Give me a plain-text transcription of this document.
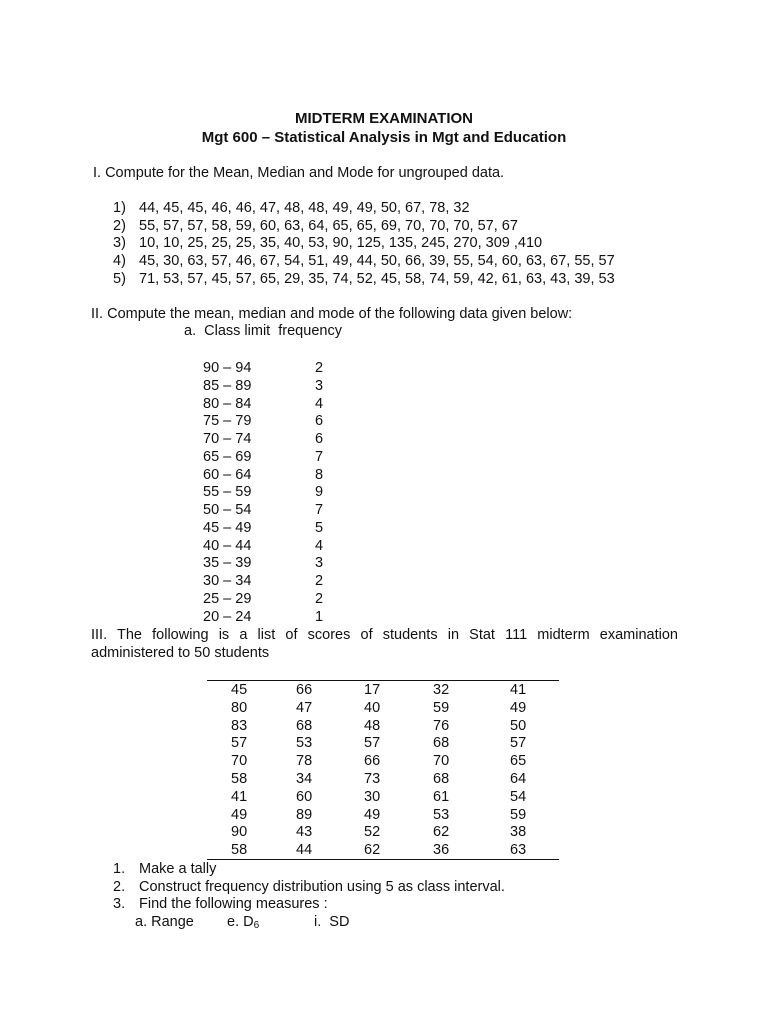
MIDTERM EXAMINATION
Mgt 600 – Statistical Analysis in Mgt and Education
I. Compute for the Mean, Median and Mode for ungrouped data.
1) 44, 45, 45, 46, 46, 47, 48, 48, 49, 49, 50, 67, 78, 32
2) 55, 57, 57, 58, 59, 60, 63, 64, 65, 65, 69, 70, 70, 70, 57, 67
3) 10, 10, 25, 25, 25, 35, 40, 53, 90, 125, 135, 245, 270, 309 ,410
4) 45, 30, 63, 57, 46, 67, 54, 51, 49, 44, 50, 66, 39, 55, 54, 60, 63, 67, 55, 57
5) 71, 53, 57, 45, 57, 65, 29, 35, 74, 52, 45, 58, 74, 59, 42, 61, 63, 43, 39, 53
II. Compute the mean, median and mode of the following data given below:
a.  Class limit  frequency
90 – 94	2
85 – 89	3
80 – 84	4
75 – 79	6
70 – 74	6
65 – 69	7
60 – 64	8
55 – 59	9
50 – 54	7
45 – 49	5
40 – 44	4
35 – 39	3
30 – 34	2
25 – 29	2
20 – 24	1
III. The following is a list of scores of students in Stat 111 midterm examination
administered to 50 students
45	66	17	32	41
80	47	40	59	49
83	68	48	76	50
57	53	57	68	57
70	78	66	70	65
58	34	73	68	64
41	60	30	61	54
49	89	49	53	59
90	43	52	62	38
58	44	62	36	63
1. Make a tally
2. Construct frequency distribution using 5 as class interval.
3. Find the following measures :
a. Range e. $D_6$	i.  SD
